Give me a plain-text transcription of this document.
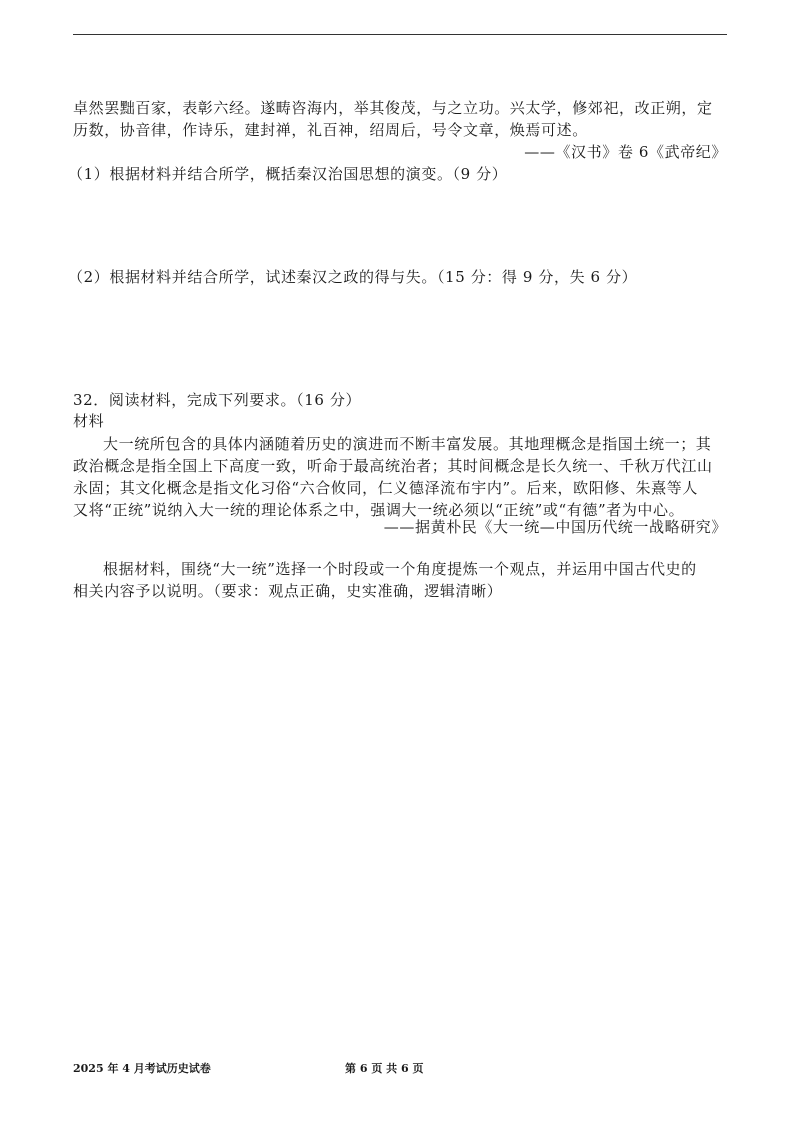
卓然罢黜百家，表彰六经。遂畴咨海内，举其俊茂，与之立功。兴太学，修郊祀，改正朔，定
历数，协音律，作诗乐，建封禅，礼百神，绍周后，号令文章，焕焉可述。
——《汉书》卷 6《武帝纪》
（1）根据材料并结合所学，概括秦汉治国思想的演变。（9 分）
（2）根据材料并结合所学，试述秦汉之政的得与失。（15 分：得 9 分，失 6 分）
32．阅读材料，完成下列要求。（16 分）
材料
大一统所包含的具体内涵随着历史的演进而不断丰富发展。其地理概念是指国土统一；其
政治概念是指全国上下高度一致，听命于最高统治者；其时间概念是长久统一、千秋万代江山
永固；其文化概念是指文化习俗“六合攸同，仁义德泽流布宇内”。后来，欧阳修、朱熹等人
又将“正统”说纳入大一统的理论体系之中，强调大一统必须以“正统”或“有德”者为中心。
——据黄朴民《大一统—中国历代统一战略研究》
根据材料，围绕“大一统”选择一个时段或一个角度提炼一个观点，并运用中国古代史的
相关内容予以说明。（要求：观点正确，史实准确，逻辑清晰）
2025 年 4 月考试历史试卷	第 6 页 共 6 页
